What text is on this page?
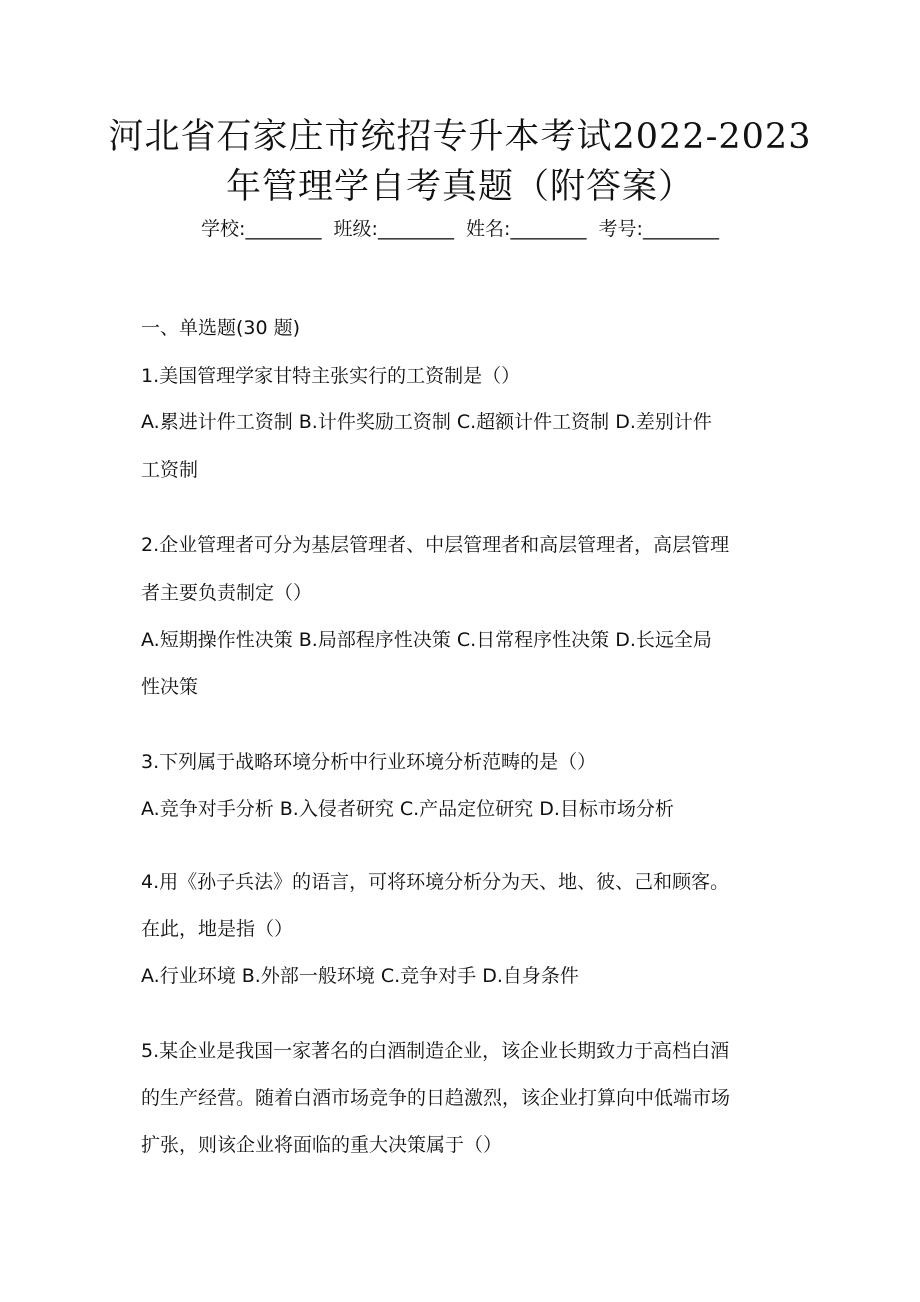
河北省石家庄市统招专升本考试2022-2023
年管理学自考真题（附答案）
学校:________ 班级:________ 姓名:________ 考号:________
一、单选题(30 题)
1.美国管理学家甘特主张实行的工资制是（）
A.累进计件工资制 B.计件奖励工资制 C.超额计件工资制 D.差别计件
工资制
2.企业管理者可分为基层管理者、中层管理者和高层管理者，高层管理
者主要负责制定（）
A.短期操作性决策 B.局部程序性决策 C.日常程序性决策 D.长远全局
性决策
3.下列属于战略环境分析中行业环境分析范畴的是（）
A.竞争对手分析 B.入侵者研究 C.产品定位研究 D.目标市场分析
4.用《孙子兵法》的语言，可将环境分析分为天、地、彼、己和顾客。
在此，地是指（）
A.行业环境 B.外部一般环境 C.竞争对手 D.自身条件
5.某企业是我国一家著名的白酒制造企业，该企业长期致力于高档白酒
的生产经营。随着白酒市场竞争的日趋激烈，该企业打算向中低端市场
扩张，则该企业将面临的重大决策属于（）
